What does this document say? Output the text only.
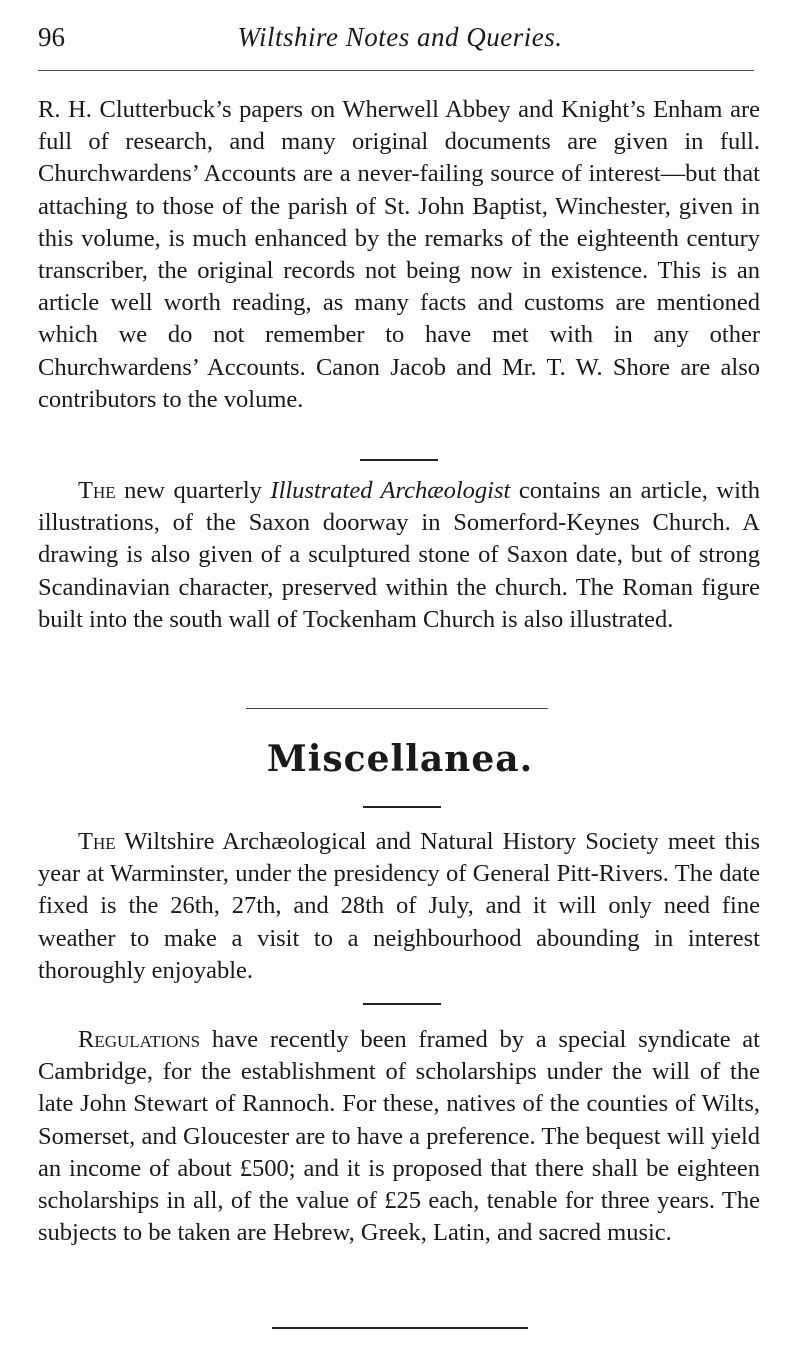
96	Wiltshire Notes and Queries.

R. H. Clutterbuck’s papers on Wherwell Abbey and Knight’s Enham are full of research, and many original documents are given in full. Churchwardens’ Accounts are a never-failing source of interest—but that attaching to those of the parish of St. John Baptist, Winchester, given in this volume, is much enhanced by the remarks of the eighteenth century transcriber, the original records not being now in existence. This is an article well worth reading, as many facts and customs are mentioned which we do not remember to have met with in any other Churchwardens’ Accounts. Canon Jacob and Mr. T. W. Shore are also contributors to the volume.

The new quarterly Illustrated Archæologist contains an article, with illustrations, of the Saxon doorway in Somerford-Keynes Church. A drawing is also given of a sculptured stone of Saxon date, but of strong Scandinavian character, preserved within the church. The Roman figure built into the south wall of Tockenham Church is also illustrated.

Miscellanea.

The Wiltshire Archæological and Natural History Society meet this year at Warminster, under the presidency of General Pitt-Rivers. The date fixed is the 26th, 27th, and 28th of July, and it will only need fine weather to make a visit to a neighbourhood abounding in interest thoroughly enjoyable.

Regulations have recently been framed by a special syndicate at Cambridge, for the establishment of scholarships under the will of the late John Stewart of Rannoch. For these, natives of the counties of Wilts, Somerset, and Gloucester are to have a preference. The bequest will yield an income of about £500; and it is proposed that there shall be eighteen scholarships in all, of the value of £25 each, tenable for three years. The subjects to be taken are Hebrew, Greek, Latin, and sacred music.
